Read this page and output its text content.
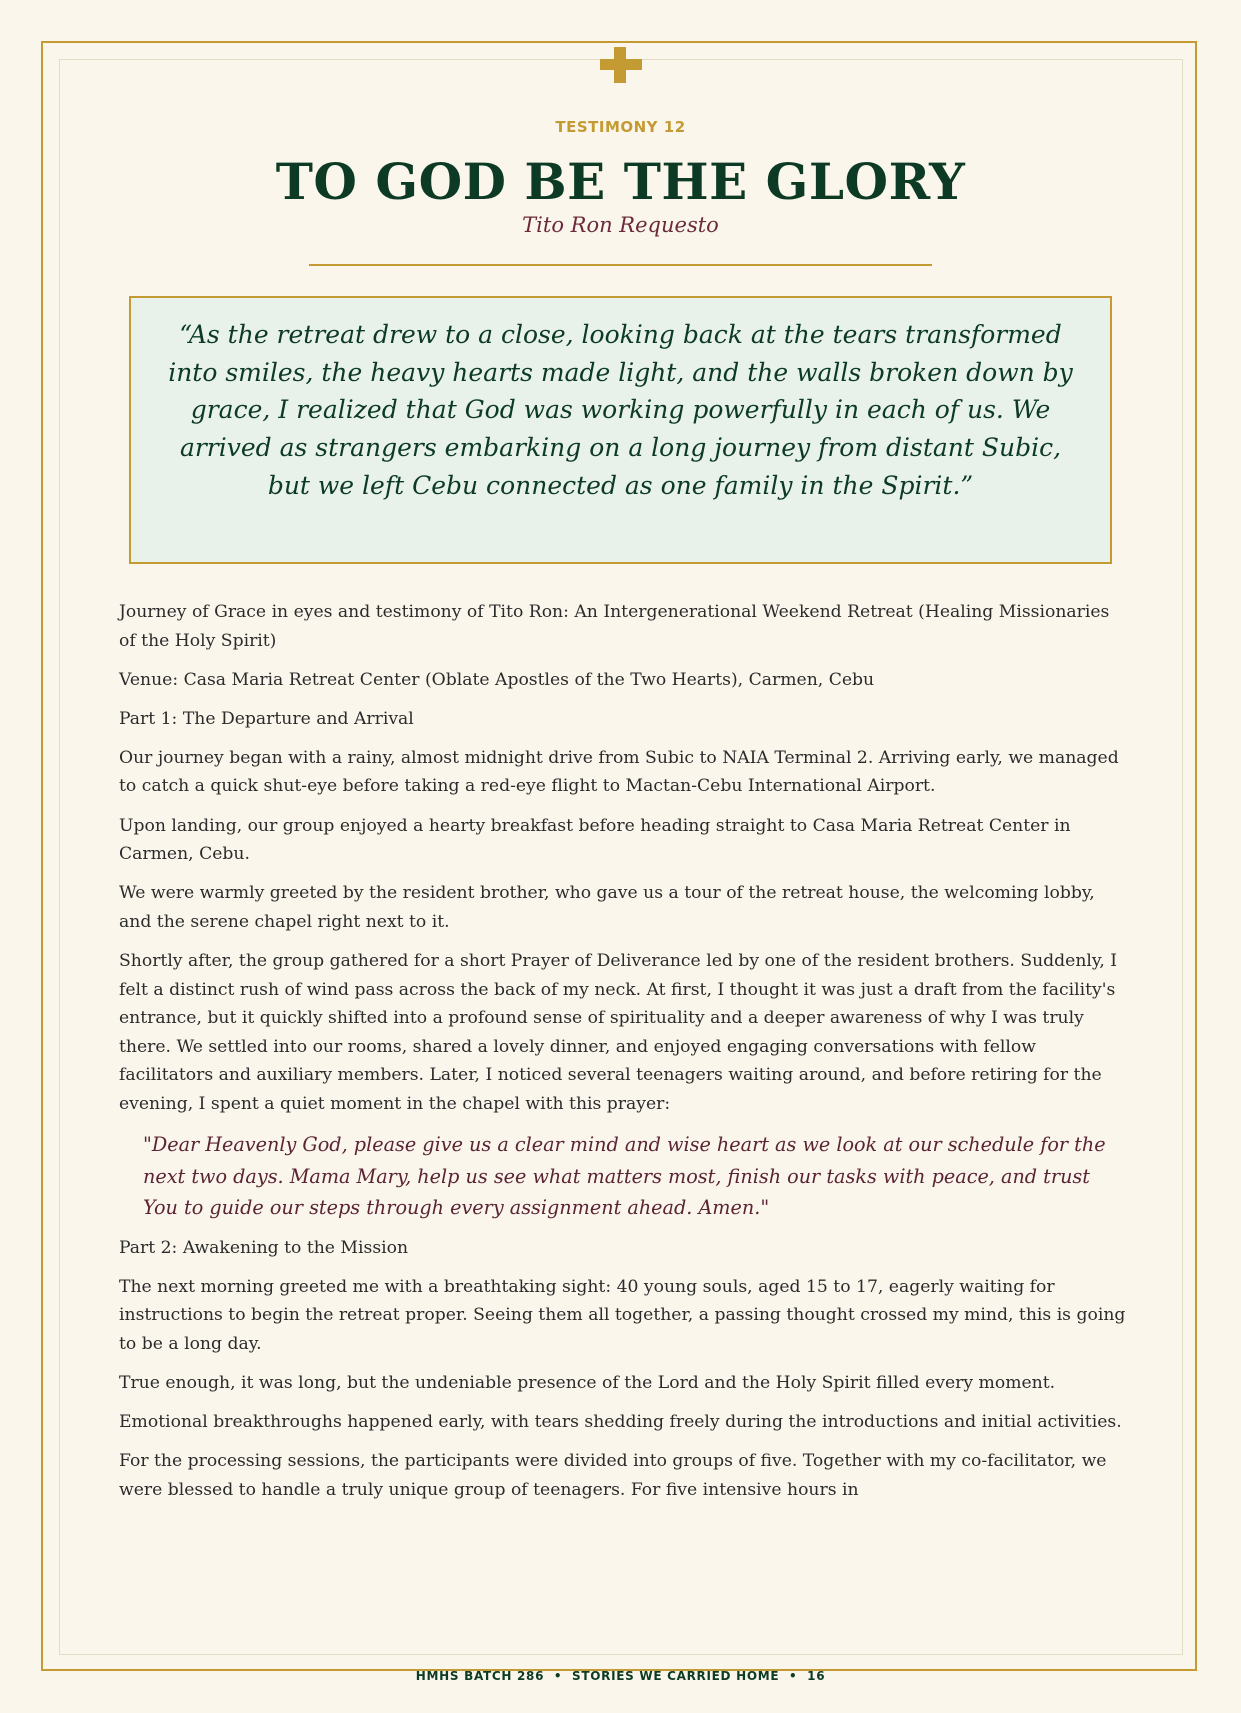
TESTIMONY 12
TO GOD BE THE GLORY
Tito Ron Requesto
“As the retreat drew to a close, looking back at the tears transformed into smiles, the heavy hearts made light, and the walls broken down by grace, I realized that God was working powerfully in each of us. We arrived as strangers embarking on a long journey from distant Subic, but we left Cebu connected as one family in the Spirit.”

Journey of Grace in eyes and testimony of Tito Ron: An Intergenerational Weekend Retreat (Healing Missionaries of the Holy Spirit)

Venue: Casa Maria Retreat Center (Oblate Apostles of the Two Hearts), Carmen, Cebu

Part 1: The Departure and Arrival

Our journey began with a rainy, almost midnight drive from Subic to NAIA Terminal 2. Arriving early, we managed to catch a quick shut-eye before taking a red-eye flight to Mactan-Cebu International Airport.

Upon landing, our group enjoyed a hearty breakfast before heading straight to Casa Maria Retreat Center in Carmen, Cebu.

We were warmly greeted by the resident brother, who gave us a tour of the retreat house, the welcoming lobby, and the serene chapel right next to it.

Shortly after, the group gathered for a short Prayer of Deliverance led by one of the resident brothers. Suddenly, I felt a distinct rush of wind pass across the back of my neck. At first, I thought it was just a draft from the facility's entrance, but it quickly shifted into a profound sense of spirituality and a deeper awareness of why I was truly there. We settled into our rooms, shared a lovely dinner, and enjoyed engaging conversations with fellow facilitators and auxiliary members. Later, I noticed several teenagers waiting around, and before retiring for the evening, I spent a quiet moment in the chapel with this prayer:

"Dear Heavenly God, please give us a clear mind and wise heart as we look at our schedule for the next two days. Mama Mary, help us see what matters most, finish our tasks with peace, and trust You to guide our steps through every assignment ahead. Amen."

Part 2: Awakening to the Mission

The next morning greeted me with a breathtaking sight: 40 young souls, aged 15 to 17, eagerly waiting for instructions to begin the retreat proper. Seeing them all together, a passing thought crossed my mind, this is going to be a long day.

True enough, it was long, but the undeniable presence of the Lord and the Holy Spirit filled every moment.

Emotional breakthroughs happened early, with tears shedding freely during the introductions and initial activities.

For the processing sessions, the participants were divided into groups of five. Together with my co-facilitator, we were blessed to handle a truly unique group of teenagers. For five intensive hours in

HMHS BATCH 286  •  STORIES WE CARRIED HOME  •  16
